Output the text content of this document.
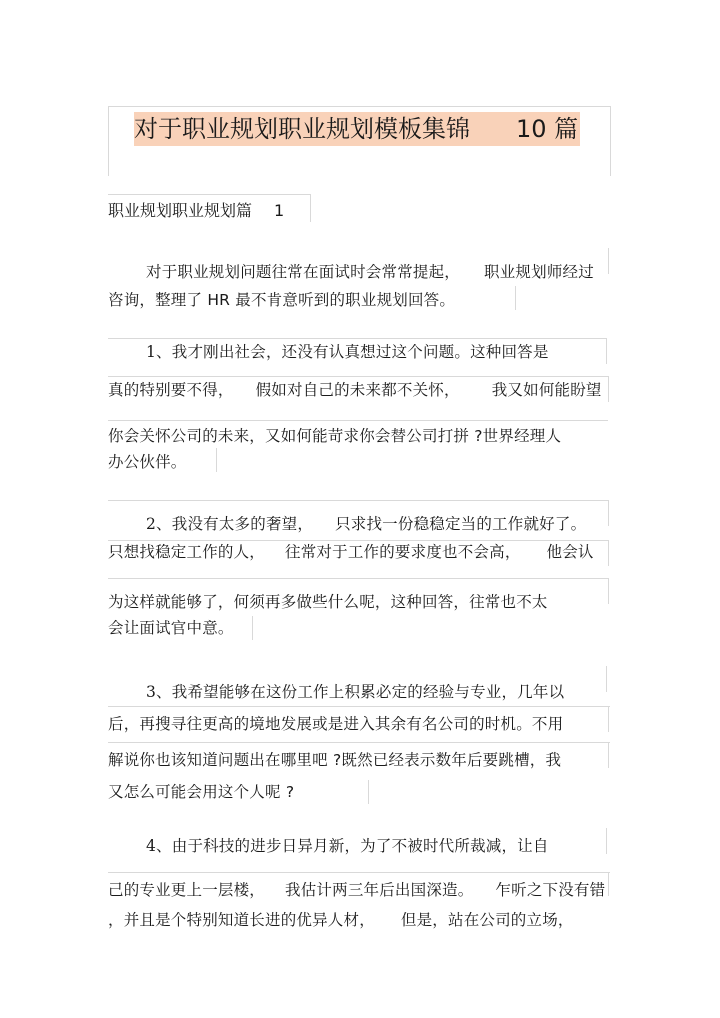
对于职业规划职业规划模板集锦 10 篇
职业规划职业规划篇 1
对于职业规划问题往常在面试时会常常提起， 职业规划师经过
咨询，整理了 HR 最不肯意听到的职业规划回答。
1、我才刚出社会，还没有认真想过这个问题。这种回答是
真的特别要不得， 假如对自己的未来都不关怀， 我又如何能盼望
你会关怀公司的未来，又如何能苛求你会替公司打拼 ?世界经理人
办公伙伴。
2、我没有太多的奢望， 只求找一份稳稳定当的工作就好了。
只想找稳定工作的人， 往常对于工作的要求度也不会高， 他会认
为这样就能够了，何须再多做些什么呢，这种回答，往常也不太
会让面试官中意。
3、我希望能够在这份工作上积累必定的经验与专业，几年以
后，再搜寻往更高的境地发展或是进入其余有名公司的时机。不用
解说你也该知道问题出在哪里吧 ?既然已经表示数年后要跳槽，我
又怎么可能会用这个人呢 ?
4、由于科技的进步日异月新，为了不被时代所裁减，让自
己的专业更上一层楼， 我估计两三年后出国深造。 乍听之下没有错
，并且是个特别知道长进的优异人材， 但是，站在公司的立场，
